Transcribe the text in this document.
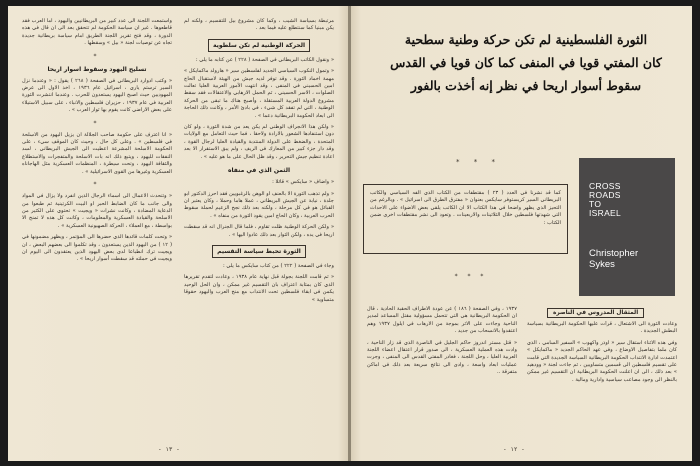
واستمعت اللجنة الى عدد كبير من البريطانيين واليهود ، اما العرب فقد قاطعوها . غير ان سياسة الحكومة لم تتحقق بعد الى ان قال في هذه الدورة ، وقد فتح تقرير اللجنة الطريق امام سياسة بريطانية جديدة تجاه عن توصيات لجنة « بيل » وسقطها .

*
تسليح اليهود وسقوط اسوار اريحا

« وكتب ادوارد البريطاني في الصفحة ( ٢٦٨ ) يقول : « وعندما نزل السير ترستم ياري ، اسرائيل عام ١٩٣٦ ، اخذ الاول الى عرض المهوديين حيث اصبح اليهود يستعدون للحرب . وعندما انتشرت الثورة العربية في عام ١٩٣٧ ، حزيران فلسطين والانباء ، على سبيل الاستيلاء على بعض الاراضي كانت يقوم بها ثوار العرب » .

*

« انا اعترف على حكومة صاحب الجلالة ان يزيل اليهود من الاسلحة في فلسطين » . وعلى كل حال ، وحيث كان الموقف سيء ، على الحكومة الاسلحة المشرعة اعطيت الى الجيش البريطاني ، لسد النفقات لليهود ، ويتبع ذلك انه بات الاسلحة والمتفجرات والاستطلاع والثقافة اليهود ، وتحت سيطرة ، المنظمات العسكرية مثل الهاجاناه العسكرية وغيرها من القوى الاسرائيلية » .

*

« وتتحدث الاعمال الى اسماء الرجال الذين انفرد ولا يزال في المواد والى جانب ما كان الضابط الحبر او البيت الكرتينية ثم طبعوا من الدعاية المضادة ، وكانت نشرات « ويجيت » تحتوي على الكثير من الاسلحة والقيادة العسكرية والمعلومات ، وكانت كل هذه لا تمنح الا بواسطة ، مع العملاء ، الحركة الصهيونية العسكرية » .

« وتحت كلمات قائدها الذي حضرها الى المؤتمر ، ويظهر مضمونها في ( ١٢ ) من اليهود الذين يستعدون ، وقد تكلموا الى بعضهم البعض ، ان ويجيت ترك انطباعا لدى بعض اليهود الذين يعتقدون الى اليوم ان ويجيت في حملته قد سقطت أسوار اريحا » .

مرتبطة بسياسة الشيب ، وكما كان مشروع بيل للتقسيم ، ولكنه لم يكن مبنيا كما سنتطلع عليه فيما بعد .

الحركة الوطنية لم تكن سلطوية

« ونقول الكاتب البريطاني في الصفحة ( ٢٢٨ ) عن كتابه ما يلي :

« وتمول النكوب السياسي الجديد لفلسطين سير « هارولد ماكمايكل » مهمة اخماد الثورة . وقد توفر لديه جيش من الهيئة لاستقبال الحاج امين الحسيني في المنفى ، وقد انتهت الأمور العربية العليا تعالت الصلوات ، الاسر الحسيني ، ثم الحمل الارهابي والاعتقالات فقد سقط مشروع الدولة العربية المستقلة ، وأصبح هناك ما تبقى من الحركة الوطنية ، التي لم تفقد كل شيء ، في بادئ الأمر ، وكانت ذلك الحاجة الى ابعاد الحكومة البريطانية دعما » .

« ولكن هذا الانجراف الوطني لم يكن يعد من شدة الثورة ، ولو كان دون استنفادها الشعور بالارادة ولاحقا ، فما حيث التعامل مع الولايات المتحدة ، والضغط على الدولة المنتدبة والقيادة العليا لرجال القوة ، وقد دار جزء كبير من المعارك في الريف ، ولم يبق الاستقرار الا بعد اعادة تنظيم جيش التحرير ، وقد ظل الحال على ما هو عليه » .

الثمن الذي في منفاه

« واضاف « سايكس » قائلا :

« ولم تذهب الثورة الا بالعنف او الوهن بالرغبويين فقد احرز الدكتور ابو جلدة ، نيابة عن الجيش البريطاني ، عملا هاما وحملا ، وكان يعتبر ان القبائل هو في كل مرحلة ، ولكنه بعد ذلك نجح الزعيم لحملة سقوط الحرب العربية ، وكان الحاج امين يقود الثورة من منفاه » .

« ولكن الحركة الوطنية ظلت تقاوم ، فلما قال الجنرال انه قد سقطت اريحا في يده ، ولكن الثوار بعد ذلك عادوا اليها » .

الثورة تحبط سياسة التقسيم

وجاء في الصفحة ( ٢٢٢ ) من كتاب سايكس ما يلي :

« ثم قامت اللجنة بجولة قبل نهاية عام ١٩٣٨ ، وعادت لتقدم تقريرها الذي كان بمثابة اعتراف بان التقسيم غير ممكن ، وان الحل الوحيد يكمن في ابقاء فلسطين تحت الانتداب مع منح العرب واليهود حقوقا متساوية »

- ١٣ -
الثورة الفلسطينية لم تكن حركة وطنية سطحية
كان المفتي قويا في المنفى كما كان قويا في القدس
سقوط أسوار اريحا في نظر إنه أخذت بالفور
* * *
CROSS
ROADS
TO
ISRAEL
Christopher
Sykes

كما قد نشرنا في العدد ( ٢٣ ) مقتطفات من الكتاب الذي الفه السياسي والكاتب البريطاني السير كريستوفر سايكس بعنوان « مفترق الطرق الى اسرائيل » . ويالرغم من التحيز الذي يظهر واضحا في هذا الكتاب الا ان الكاتب يلقي بعض الاضواء على الاحداث التي شهدتها فلسطين خلال الثلاثينات والاربعينات . وتعود الى نشر مقتطفات اخرى ضمن الكتاب :

* * *
المثقال المدروس في الناصرة

١٩٣٧ ، وفي الصفحة ( ١٨٦ ) عن عودة الاطراف الحقبة الحادية ، قال ان الحكومة البريطانية هي التي تتحمل مسؤولية مقتل المساعد لمدير الناحية وجاءت على الاثر بموجة من الارهاب في ايلول ١٩٣٧ وهم اعتقدوا بالانسحاب من جديد .

« قتل مستر اندروز حاكم الجليل في الناصرة الذي قد زار الناحية ، وادت هذه العملية العسكرية ، الى صدور قرار اعتقال اعضاء اللجنة العربية العليا ، وحل اللجنة ، فغادر المفتي القدس الى المنفى ، وجرت عمليات ابعاد واسعة ، وادى الى نتائج سريعة بعد ذلك في اماكن متفرقة ..

وعادت الثورة الى الاشتعال ، قرأت عليها الحكومة البريطانية بسياسة البطش الجديدة .

وفي هذه الاثناء استقال سير « اوذر واكهوب » السفير السامي ، الذي كان ملما بتفاصيل الاوضاع ، وفي عهد الحاكم الجديد « ماكمايكل » اعتمدت ادارة الانتداب الحكومة البريطانية السياسة الجديدة التي قامت على تقسيم فلسطين الى قسمين متساويين ، ثم جاءت لجنة « وودهيد » بعد ذلك ، الى ان اعلنت الحكومة البريطانية ان التقسيم غير ممكن بالنظر الى وجود مصاعب سياسية وادارية ومالية .

- ١٢ -
